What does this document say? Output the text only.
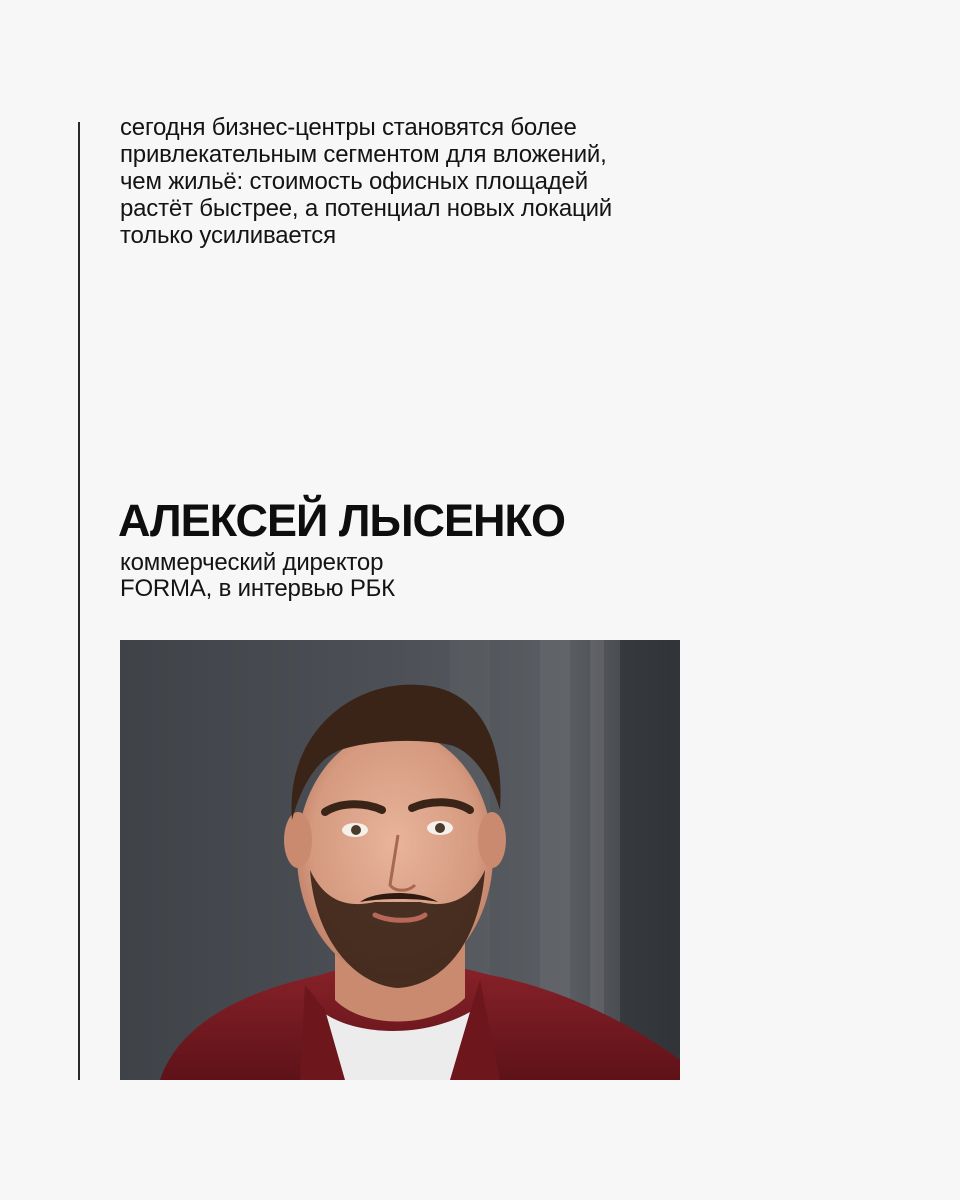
сегодня бизнес-центры становятся более
привлекательным сегментом для вложений,
чем жильё: стоимость офисных площадей
растёт быстрее, а потенциал новых локаций
только усиливается
АЛЕКСЕЙ ЛЫСЕНКО
коммерческий директор
FORMA, в интервью РБК
